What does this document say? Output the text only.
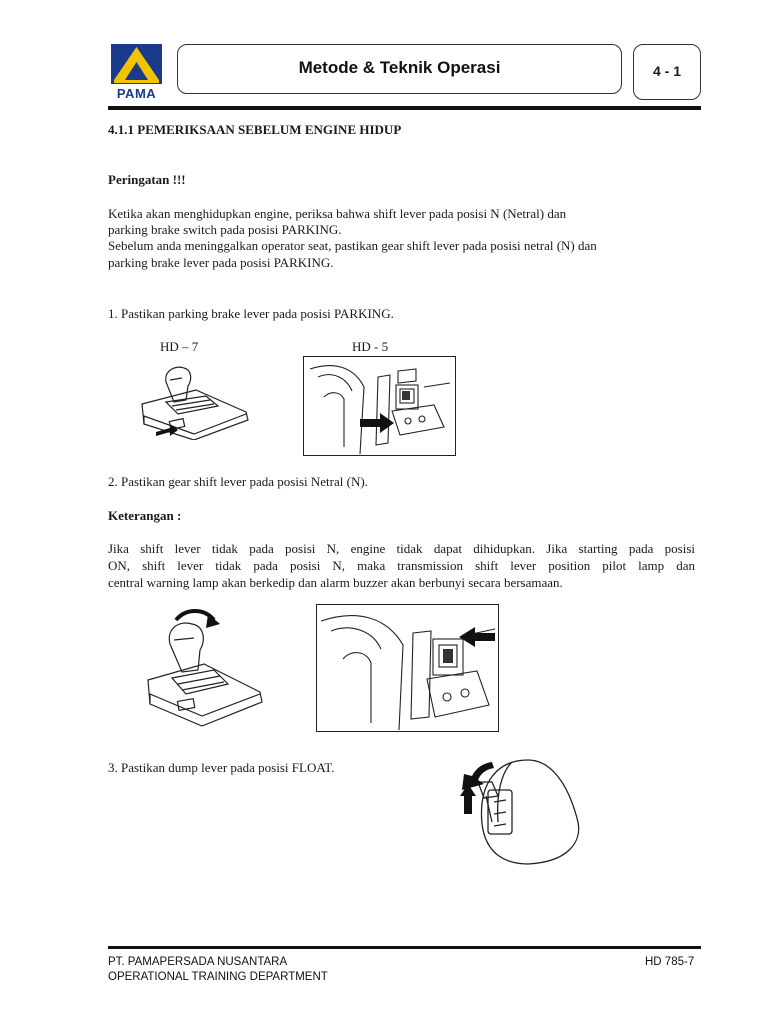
PAMA
Metode & Teknik Operasi	4 - 1
4.1.1 PEMERIKSAAN SEBELUM ENGINE HIDUP
Peringatan !!!
Ketika akan menghidupkan engine, periksa bahwa shift lever pada posisi N (Netral) dan
parking brake switch pada posisi PARKING.
Sebelum anda meninggalkan operator seat, pastikan gear shift lever pada posisi netral (N) dan
parking brake lever pada posisi PARKING.
1. Pastikan parking brake lever pada posisi PARKING.
HD – 7	HD - 5
2. Pastikan gear shift lever pada posisi Netral (N).
Keterangan :
Jika shift lever tidak pada posisi N, engine tidak dapat dihidupkan. Jika starting pada posisi
ON, shift lever tidak pada posisi N, maka transmission shift lever position pilot lamp dan
central warning lamp akan berkedip dan alarm buzzer akan berbunyi secara bersamaan.
3. Pastikan dump lever pada posisi FLOAT.
PT. PAMAPERSADA NUSANTARA
OPERATIONAL TRAINING DEPARTMENT
HD 785-7
